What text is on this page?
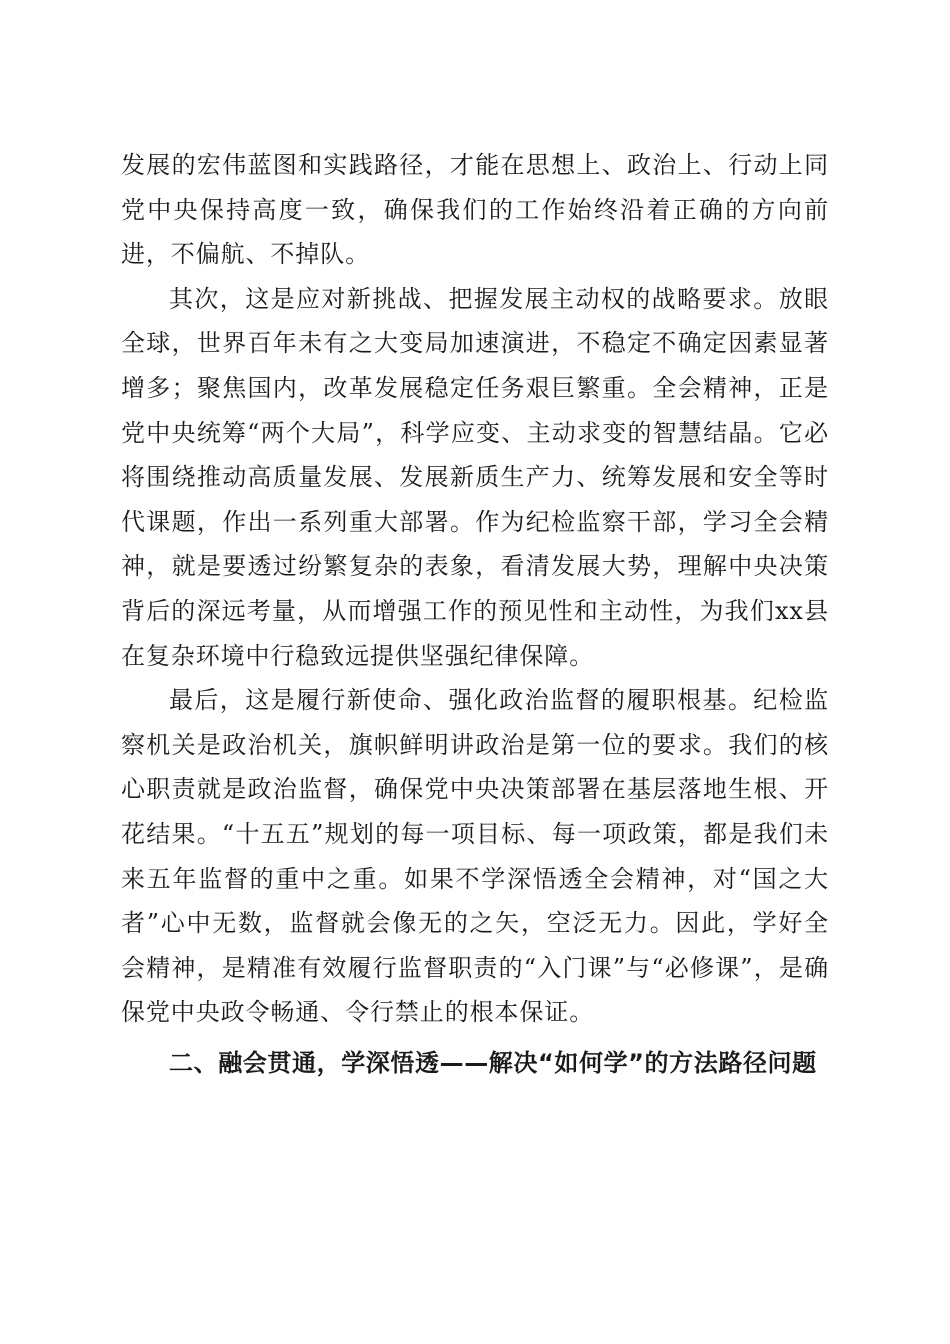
发展的宏伟蓝图和实践路径，才能在思想上、政治上、行动上同党中央保持高度一致，确保我们的工作始终沿着正确的方向前进，不偏航、不掉队。

其次，这是应对新挑战、把握发展主动权的战略要求。放眼全球，世界百年未有之大变局加速演进，不稳定不确定因素显著增多；聚焦国内，改革发展稳定任务艰巨繁重。全会精神，正是党中央统筹“两个大局”，科学应变、主动求变的智慧结晶。它必将围绕推动高质量发展、发展新质生产力、统筹发展和安全等时代课题，作出一系列重大部署。作为纪检监察干部，学习全会精神，就是要透过纷繁复杂的表象，看清发展大势，理解中央决策背后的深远考量，从而增强工作的预见性和主动性，为我们xx县在复杂环境中行稳致远提供坚强纪律保障。

最后，这是履行新使命、强化政治监督的履职根基。纪检监察机关是政治机关，旗帜鲜明讲政治是第一位的要求。我们的核心职责就是政治监督，确保党中央决策部署在基层落地生根、开花结果。“十五五”规划的每一项目标、每一项政策，都是我们未来五年监督的重中之重。如果不学深悟透全会精神，对“国之大者”心中无数，监督就会像无的之矢，空泛无力。因此，学好全会精神，是精准有效履行监督职责的“入门课”与“必修课”，是确保党中央政令畅通、令行禁止的根本保证。

二、融会贯通，学深悟透——解决“如何学”的方法路径问题
